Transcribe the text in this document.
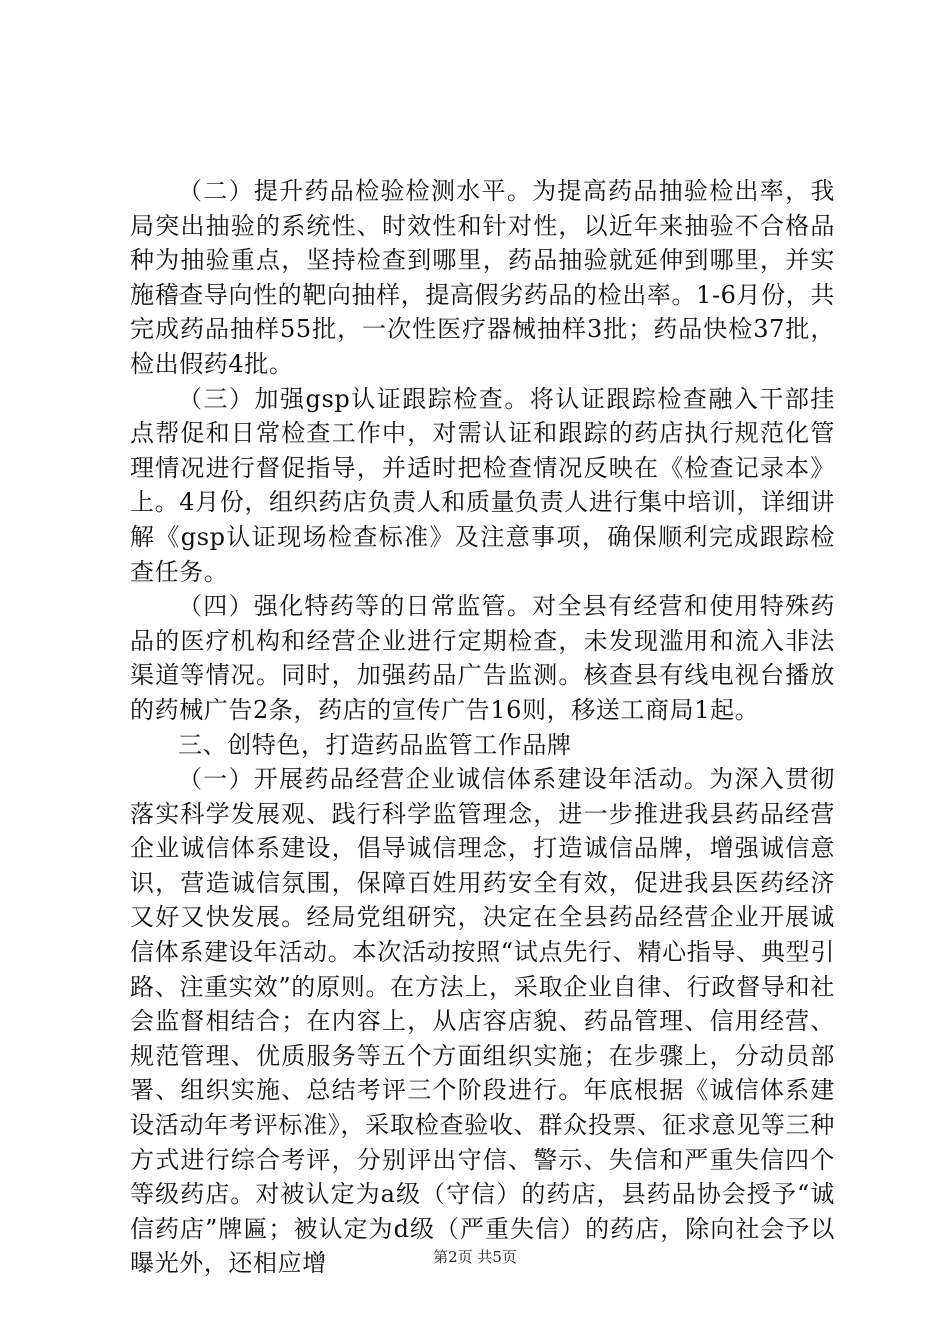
（二）提升药品检验检测水平。为提高药品抽验检出率，我局突出抽验的系统性、时效性和针对性，以近年来抽验不合格品种为抽验重点，坚持检查到哪里，药品抽验就延伸到哪里，并实施稽查导向性的靶向抽样，提高假劣药品的检出率。1-6月份，共完成药品抽样55批，一次性医疗器械抽样3批；药品快检37批，检出假药4批。

（三）加强gsp认证跟踪检查。将认证跟踪检查融入干部挂点帮促和日常检查工作中，对需认证和跟踪的药店执行规范化管理情况进行督促指导，并适时把检查情况反映在《检查记录本》上。4月份，组织药店负责人和质量负责人进行集中培训，详细讲解《gsp认证现场检查标准》及注意事项，确保顺利完成跟踪检查任务。

（四）强化特药等的日常监管。对全县有经营和使用特殊药品的医疗机构和经营企业进行定期检查，未发现滥用和流入非法渠道等情况。同时，加强药品广告监测。核查县有线电视台播放的药械广告2条，药店的宣传广告16则，移送工商局1起。

三、创特色，打造药品监管工作品牌

（一）开展药品经营企业诚信体系建设年活动。为深入贯彻落实科学发展观、践行科学监管理念，进一步推进我县药品经营企业诚信体系建设，倡导诚信理念，打造诚信品牌，增强诚信意识，营造诚信氛围，保障百姓用药安全有效，促进我县医药经济又好又快发展。经局党组研究，决定在全县药品经营企业开展诚信体系建设年活动。本次活动按照“试点先行、精心指导、典型引路、注重实效”的原则。在方法上，采取企业自律、行政督导和社会监督相结合；在内容上，从店容店貌、药品管理、信用经营、规范管理、优质服务等五个方面组织实施；在步骤上，分动员部署、组织实施、总结考评三个阶段进行。年底根据《诚信体系建设活动年考评标准》，采取检查验收、群众投票、征求意见等三种方式进行综合考评，分别评出守信、警示、失信和严重失信四个等级药店。对被认定为a级（守信）的药店，县药品协会授予“诚信药店”牌匾；被认定为d级（严重失信）的药店，除向社会予以曝光外，还相应增	第2页 共5页
